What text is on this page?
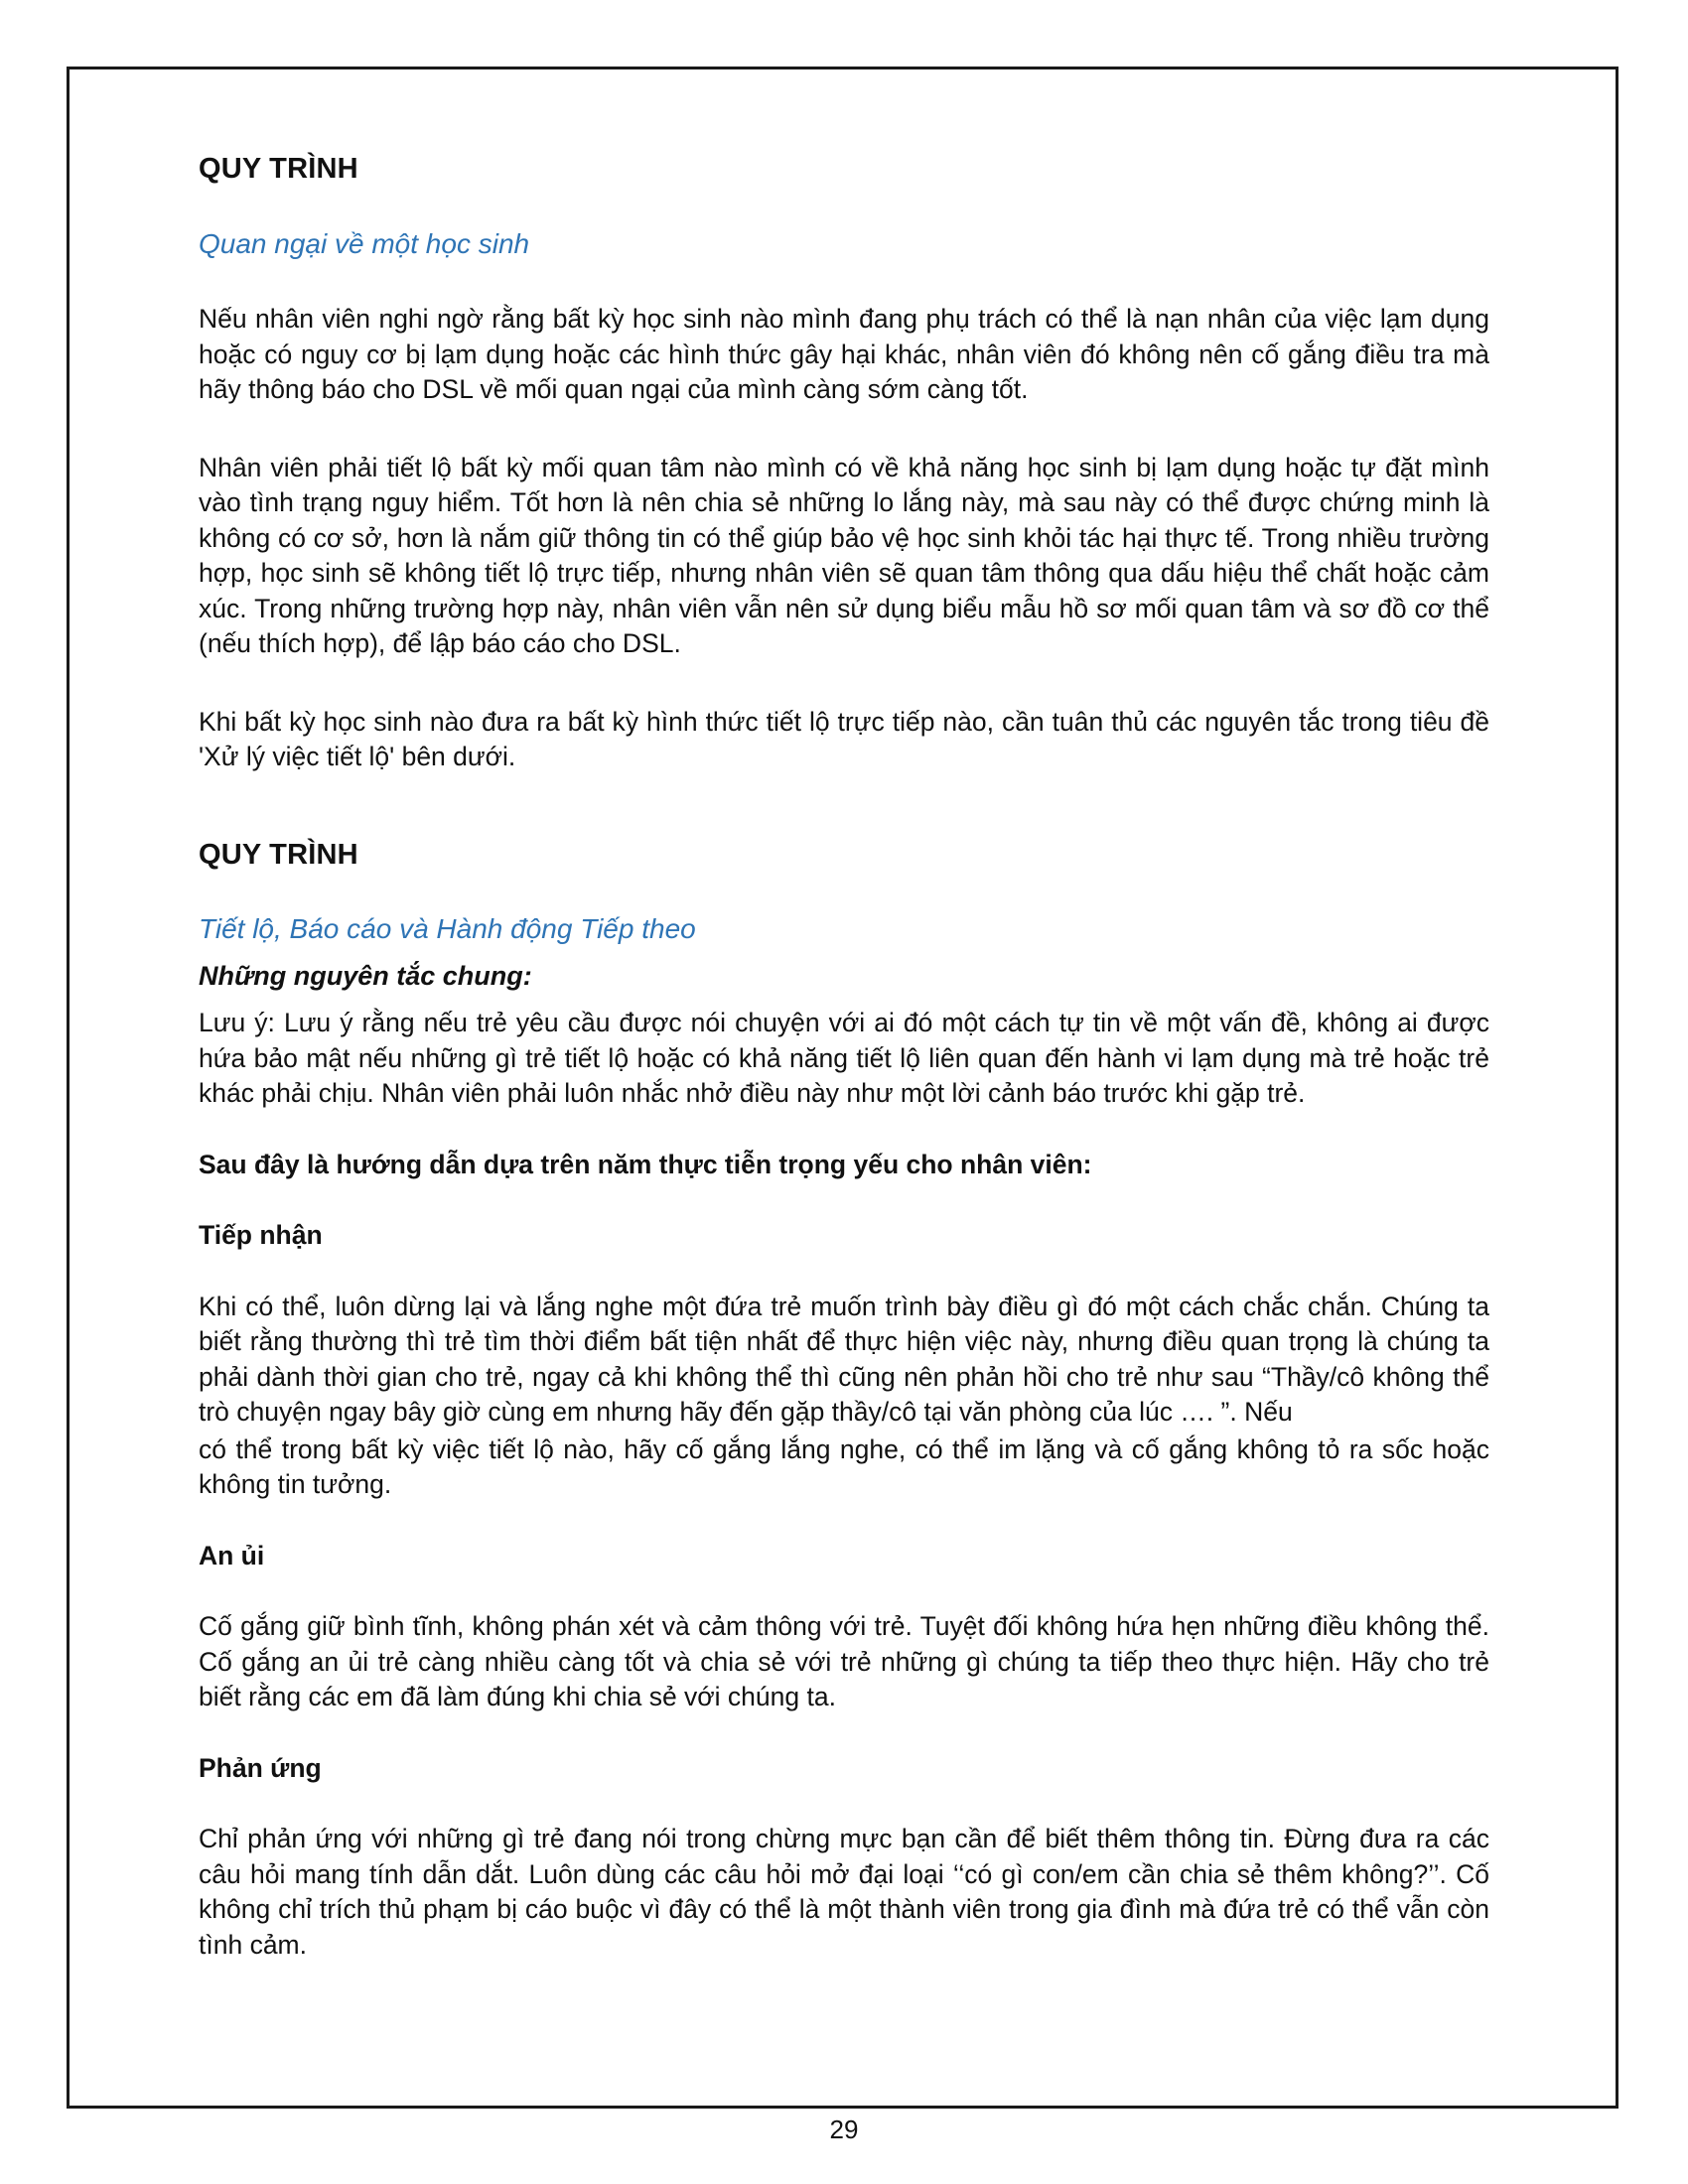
QUY TRÌNH

Quan ngại về một học sinh

Nếu nhân viên nghi ngờ rằng bất kỳ học sinh nào mình đang phụ trách có thể là nạn nhân của việc lạm dụng hoặc có nguy cơ bị lạm dụng hoặc các hình thức gây hại khác, nhân viên đó không nên cố gắng điều tra mà hãy thông báo cho DSL về mối quan ngại của mình càng sớm càng tốt.

Nhân viên phải tiết lộ bất kỳ mối quan tâm nào mình có về khả năng học sinh bị lạm dụng hoặc tự đặt mình vào tình trạng nguy hiểm. Tốt hơn là nên chia sẻ những lo lắng này, mà sau này có thể được chứng minh là không có cơ sở, hơn là nắm giữ thông tin có thể giúp bảo vệ học sinh khỏi tác hại thực tế. Trong nhiều trường hợp, học sinh sẽ không tiết lộ trực tiếp, nhưng nhân viên sẽ quan tâm thông qua dấu hiệu thể chất hoặc cảm xúc. Trong những trường hợp này, nhân viên vẫn nên sử dụng biểu mẫu hồ sơ mối quan tâm và sơ đồ cơ thể (nếu thích hợp), để lập báo cáo cho DSL.

Khi bất kỳ học sinh nào đưa ra bất kỳ hình thức tiết lộ trực tiếp nào, cần tuân thủ các nguyên tắc trong tiêu đề 'Xử lý việc tiết lộ' bên dưới.

QUY TRÌNH

Tiết lộ, Báo cáo và Hành động Tiếp theo

Những nguyên tắc chung:

Lưu ý: Lưu ý rằng nếu trẻ yêu cầu được nói chuyện với ai đó một cách tự tin về một vấn đề, không ai được hứa bảo mật nếu những gì trẻ tiết lộ hoặc có khả năng tiết lộ liên quan đến hành vi lạm dụng mà trẻ hoặc trẻ khác phải chịu. Nhân viên phải luôn nhắc nhở điều này như một lời cảnh báo trước khi gặp trẻ.

Sau đây là hướng dẫn dựa trên năm thực tiễn trọng yếu cho nhân viên:

Tiếp nhận

Khi có thể, luôn dừng lại và lắng nghe một đứa trẻ muốn trình bày điều gì đó một cách chắc chắn. Chúng ta biết rằng thường thì trẻ tìm thời điểm bất tiện nhất để thực hiện việc này, nhưng điều quan trọng là chúng ta phải dành thời gian cho trẻ, ngay cả khi không thể thì cũng nên phản hồi cho trẻ như sau “Thầy/cô không thể trò chuyện ngay bây giờ cùng em nhưng hãy đến gặp thầy/cô tại văn phòng của lúc …. ”. Nếu

có thể trong bất kỳ việc tiết lộ nào, hãy cố gắng lắng nghe, có thể im lặng và cố gắng không tỏ ra sốc hoặc không tin tưởng.

An ủi

Cố gắng giữ bình tĩnh, không phán xét và cảm thông với trẻ. Tuyệt đối không hứa hẹn những điều không thể. Cố gắng an ủi trẻ càng nhiều càng tốt và chia sẻ với trẻ những gì chúng ta tiếp theo thực hiện. Hãy cho trẻ biết rằng các em đã làm đúng khi chia sẻ với chúng ta.

Phản ứng

Chỉ phản ứng với những gì trẻ đang nói trong chừng mực bạn cần để biết thêm thông tin. Đừng đưa ra các câu hỏi mang tính dẫn dắt. Luôn dùng các câu hỏi mở đại loại ‘‘có gì con/em cần chia sẻ thêm không?’’. Cố không chỉ trích thủ phạm bị cáo buộc vì đây có thể là một thành viên trong gia đình mà đứa trẻ có thể vẫn còn tình cảm.

29
